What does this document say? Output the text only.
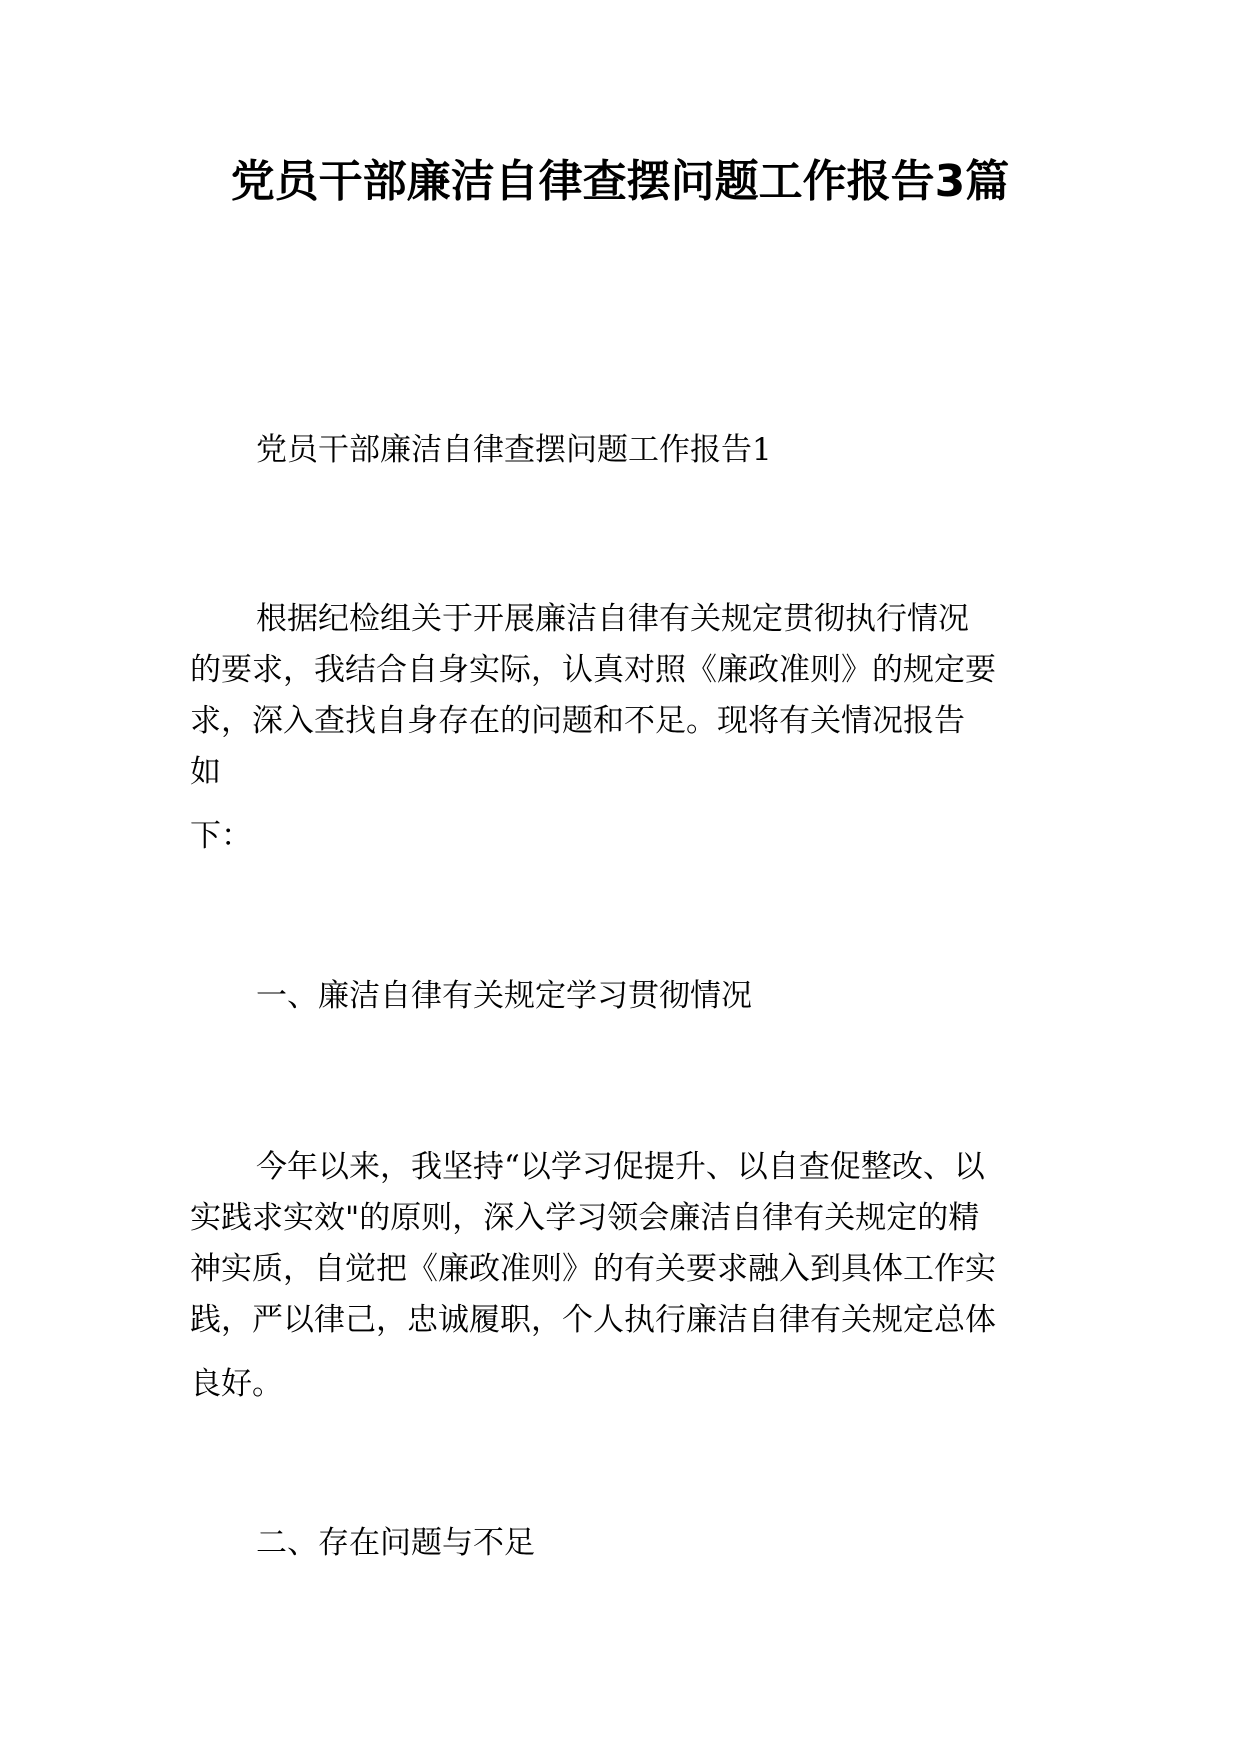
党员干部廉洁自律查摆问题工作报告3篇

党员干部廉洁自律查摆问题工作报告1

根据纪检组关于开展廉洁自律有关规定贯彻执行情况

的要求，我结合自身实际，认真对照《廉政准则》的规定要

求，深入查找自身存在的问题和不足。现将有关情况报告

如

下：

一、廉洁自律有关规定学习贯彻情况

今年以来，我坚持“以学习促提升、以自查促整改、以

实践求实效"的原则，深入学习领会廉洁自律有关规定的精

神实质，自觉把《廉政准则》的有关要求融入到具体工作实

践，严以律己，忠诚履职，个人执行廉洁自律有关规定总体

良好。

二、存在问题与不足
